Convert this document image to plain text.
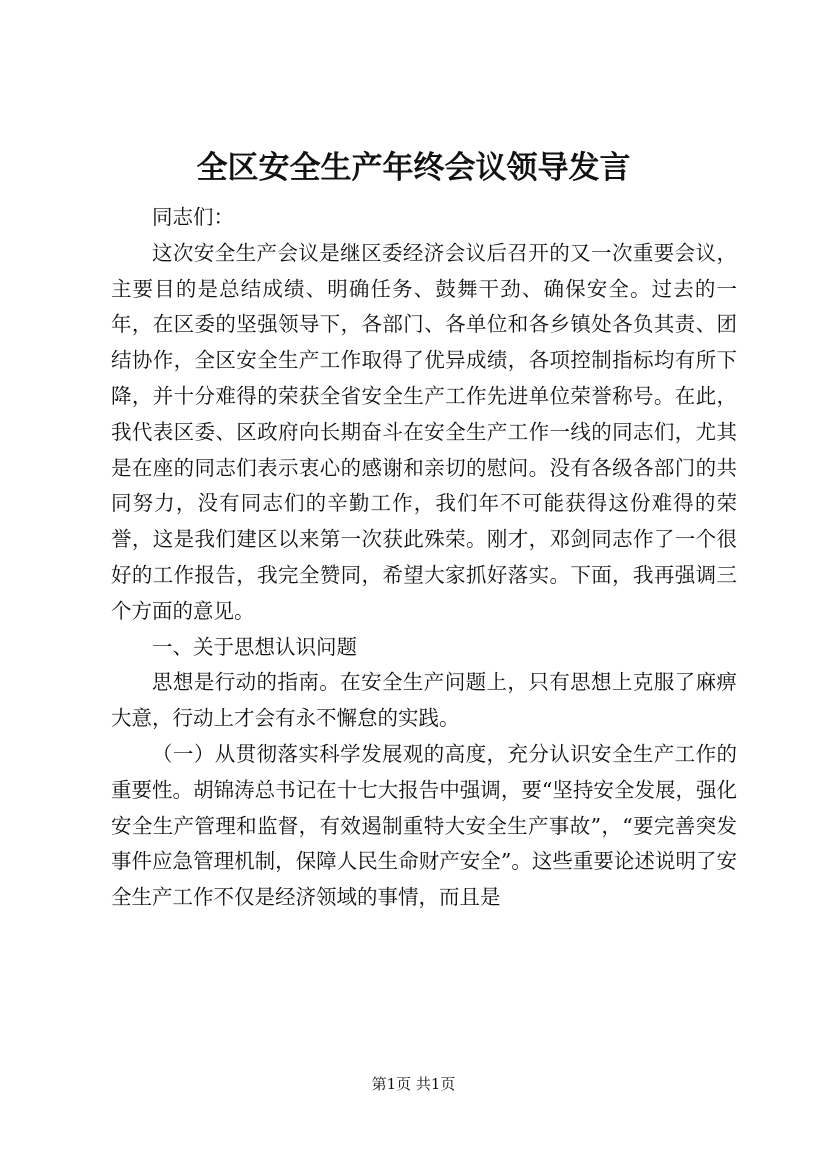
全区安全生产年终会议领导发言

同志们：

这次安全生产会议是继区委经济会议后召开的又一次重要会议，主要目的是总结成绩、明确任务、鼓舞干劲、确保安全。过去的一年，在区委的坚强领导下，各部门、各单位和各乡镇处各负其责、团结协作，全区安全生产工作取得了优异成绩，各项控制指标均有所下降，并十分难得的荣获全省安全生产工作先进单位荣誉称号。在此，我代表区委、区政府向长期奋斗在安全生产工作一线的同志们，尤其是在座的同志们表示衷心的感谢和亲切的慰问。没有各级各部门的共同努力，没有同志们的辛勤工作，我们年不可能获得这份难得的荣誉，这是我们建区以来第一次获此殊荣。刚才，邓剑同志作了一个很好的工作报告，我完全赞同，希望大家抓好落实。下面，我再强调三个方面的意见。

一、关于思想认识问题

思想是行动的指南。在安全生产问题上，只有思想上克服了麻痹大意，行动上才会有永不懈怠的实践。

（一）从贯彻落实科学发展观的高度，充分认识安全生产工作的重要性。胡锦涛总书记在十七大报告中强调，要“坚持安全发展，强化安全生产管理和监督，有效遏制重特大安全生产事故”，“要完善突发事件应急管理机制，保障人民生命财产安全”。这些重要论述说明了安全生产工作不仅是经济领域的事情，而且是

第1页 共1页
